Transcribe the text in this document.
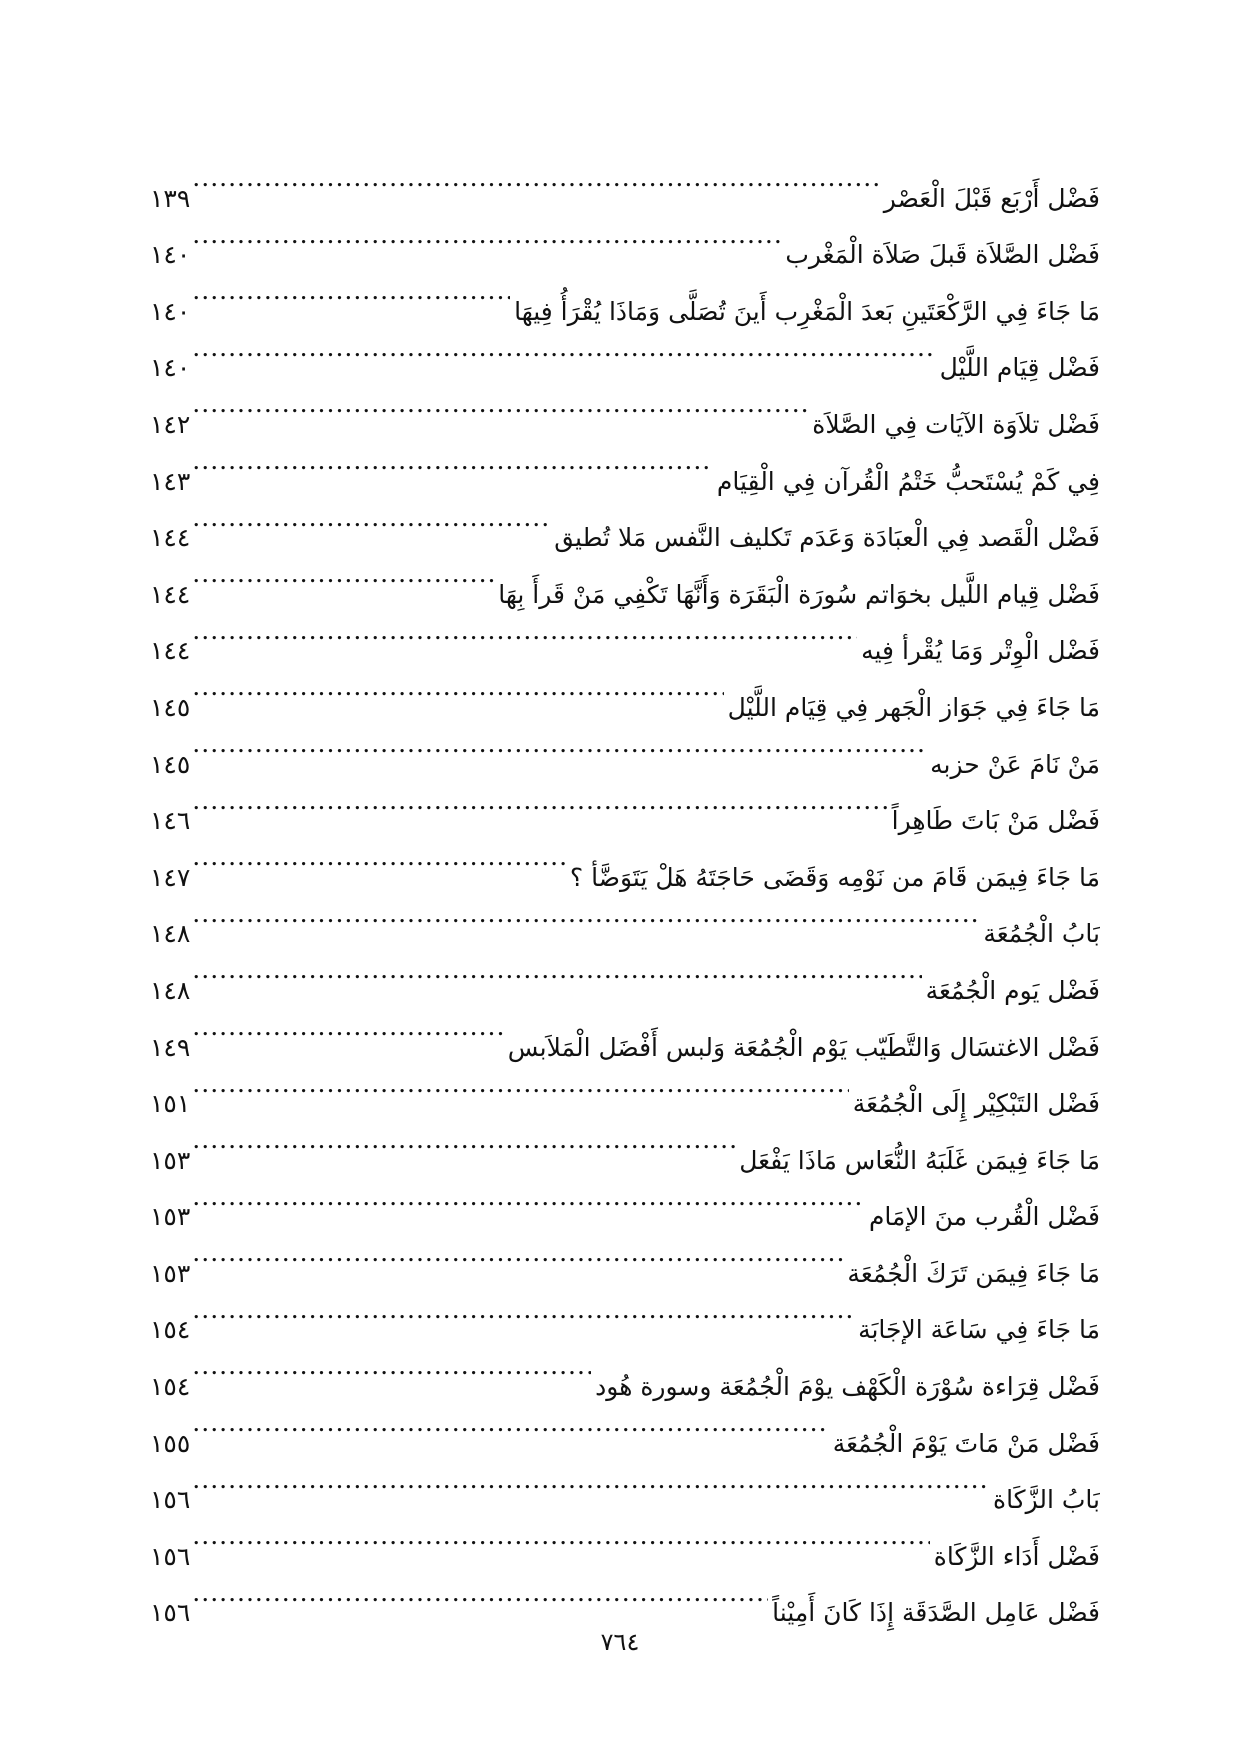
فَضْل أَرْبَع قَبْلَ الْعَصْر
.....
١٣٩
فَضْل الصَّلاَة قَبلَ صَلاَة الْمَغْرب
.....
١٤٠
مَا جَاءَ فِي الرَّكْعَتَينِ بَعدَ الْمَغْرِب أَينَ تُصَلَّى وَمَاذَا يُقْرَأُ فِيهَا
.....
١٤٠
فَضْل قِيَام اللَّيْل
.....
١٤٠
فَضْل تلاَوَة الآيَات فِي الصَّلاَة
.....
١٤٢
فِي كَمْ يُسْتَحبُّ خَتْمُ الْقُرآن فِي الْقِيَام
.....
١٤٣
فَضْل الْقَصد فِي الْعبَادَة وَعَدَم تَكليف النَّفس مَلا تُطيق
.....
١٤٤
فَضْل قِيام اللَّيل بخوَاتم سُورَة الْبَقَرَة وَأَنَّهَا تَكْفِي مَنْ قَرأَ بِهَا
.....
١٤٤
فَضْل الْوِتْر وَمَا يُقْرأ فِيه
.....
١٤٤
مَا جَاءَ فِي جَوَاز الْجَهر فِي قِيَام اللَّيْل
.....
١٤٥
مَنْ نَامَ عَنْ حزبه
.....
١٤٥
فَضْل مَنْ بَاتَ طَاهِراً
.....
١٤٦
مَا جَاءَ فِيمَن قَامَ من نَوْمِه وَقَضَى حَاجَتَهُ هَلْ يَتَوَضَّأ ؟
.....
١٤٧
بَابُ الْجُمُعَة
.....
١٤٨
فَضْل يَوم الْجُمُعَة
.....
١٤٨
فَضْل الاغتسَال وَالتَّطَيّب يَوْم الْجُمُعَة وَلبس أَفْضَل الْمَلاَبس
.....
١٤٩
فَضْل التَبْكِيْر إِلَى الْجُمُعَة
.....
١٥١
مَا جَاءَ فِيمَن غَلَبَهُ النُّعَاس مَاذَا يَفْعَل
.....
١٥٣
فَضْل الْقُرب منَ الإمَام
.....
١٥٣
مَا جَاءَ فِيمَن تَرَكَ الْجُمُعَة
.....
١٥٣
مَا جَاءَ فِي سَاعَة الإجَابَة
.....
١٥٤
فَضْل قِرَاءة سُوْرَة الْكَهْف يوْمَ الْجُمُعَة وسورة هُود
.....
١٥٤
فَضْل مَنْ مَاتَ يَوْمَ الْجُمُعَة
.....
١٥٥
بَابُ الزَّكَاة
.....
١٥٦
فَضْل أَدَاء الزَّكَاة
.....
١٥٦
فَضْل عَامِل الصَّدَقَة إِذَا كَانَ أَمِيْناً
.....
١٥٦
٧٦٤
